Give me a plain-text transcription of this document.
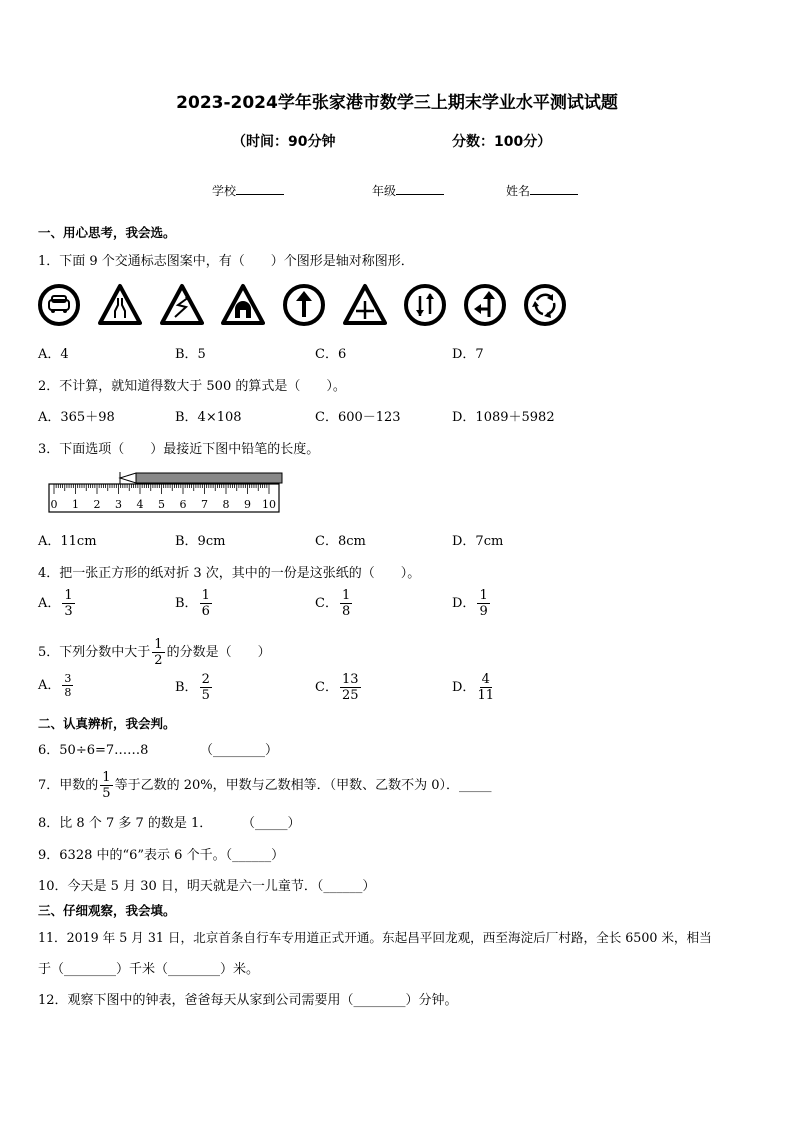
2023-2024学年张家港市数学三上期末学业水平测试试题
（时间：90分钟	分数：100分）
学校	年级	姓名
一、用心思考，我会选。
1．下面 9 个交通标志图案中，有（　　）个图形是轴对称图形．
A．4	B．5	C．6	D．7
2．不计算，就知道得数大于 500 的算式是（　　）。
A．365＋98	B．4×108	C．600－123	D．1089＋5982
3．下面选项（　　）最接近下图中铅笔的长度。
0 1 2 3 4 5 6 7 8 9 10
A．11cm	B．9cm	C．8cm	D．7cm
4．把一张正方形的纸对折 3 次，其中的一份是这张纸的（　　）。
A． $\frac{1}{3}$	B． $\frac{1}{6}$	C． $\frac{1}{8}$	D． $\frac{1}{9}$
5．下列分数中大于 $\frac{1}{2}$ 的分数是（　　）
A． $\frac{3}{8}$	B． $\frac{2}{5}$	C． $\frac{13}{25}$	D． $\frac{4}{11}$
二、认真辨析，我会判。
6．50÷6=7……8	（________）
7．甲数的 $\frac{1}{5}$ 等于乙数的 20%，甲数与乙数相等．（甲数、乙数不为 0）．_____
8．比 8 个 7 多 7 的数是 1． （_____）
9．6328 中的“6”表示 6 个千。（______）
10．今天是 5 月 30 日，明天就是六一儿童节．（______）
三、仔细观察，我会填。
11．2019 年 5 月 31 日，北京首条自行车专用道正式开通。东起昌平回龙观，西至海淀后厂村路，全长 6500 米，相当
于（________）千米（________）米。
12．观察下图中的钟表，爸爸每天从家到公司需要用（________）分钟。
